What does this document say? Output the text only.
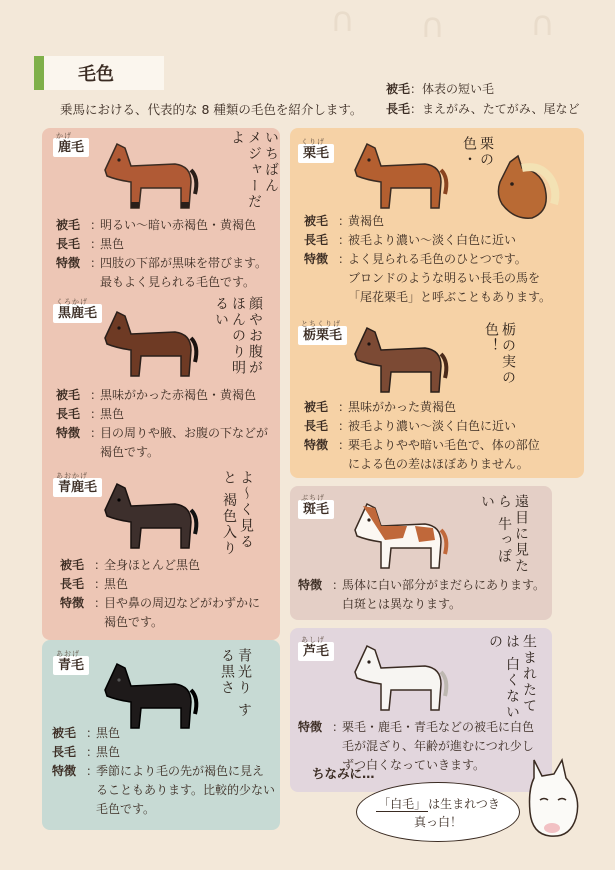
∩ ∩	∩
毛色
乗馬における、代表的な 8 種類の毛色を紹介します。
被毛：体表の短い毛
長毛：まえがみ、たてがみ、尾など
かげ
鹿毛	いちばん メジャーだよ
被毛 ：
明るい〜暗い赤褐色・黄褐色
長毛 ：
黒色
特徴 ：
四肢の下部が黒味を帯びます。
最もよく見られる毛色です。
くろかげ
黒鹿毛	顔やお腹が ほんのり明るい
被毛 ：
黒味がかった赤褐色・黄褐色
長毛 ：
黒色
特徴 ：
目の周りや腋、お腹の下などが
褐色です。
あおかげ
青鹿毛	よ〜く見ると 褐色入り
被毛 ：
全身ほとんど黒色
長毛 ：
黒色
特徴 ：
目や鼻の周辺などがわずかに
褐色です。
あおげ
青毛	青光り する黒さ
被毛 ：
黒色
長毛 ：
黒色
特徴 ：
季節により毛の先が褐色に見え
ることもあります。比較的少ない
毛色です。
くりげ
栗毛	栗の色・
被毛 ：
黄褐色
長毛 ：
被毛より濃い〜淡く白色に近い
特徴 ：
よく見られる毛色のひとつです。
ブロンドのような明るい長毛の馬を
「尾花栗毛」と呼ぶこともあります。
とちくりげ
栃栗毛	栃の実の 色！
被毛 ：
黒味がかった黄褐色
長毛 ：
被毛より濃い〜淡く白色に近い
特徴 ：
栗毛よりやや暗い毛色で、体の部位
による色の差はほぼありません。
ぶちげ
斑毛	遠目に見たら 牛っぽい
特徴 ：
馬体に白い部分がまだらにあります。
白斑とは異なります。
あしげ
芦毛	生まれたては 白くないの
特徴 ：
栗毛・鹿毛・青毛などの被毛に白色
毛が混ざり、年齢が進むにつれ少し
ずつ白くなっていきます。
ちなみに…
「白毛」 は生まれつき
真っ白！
